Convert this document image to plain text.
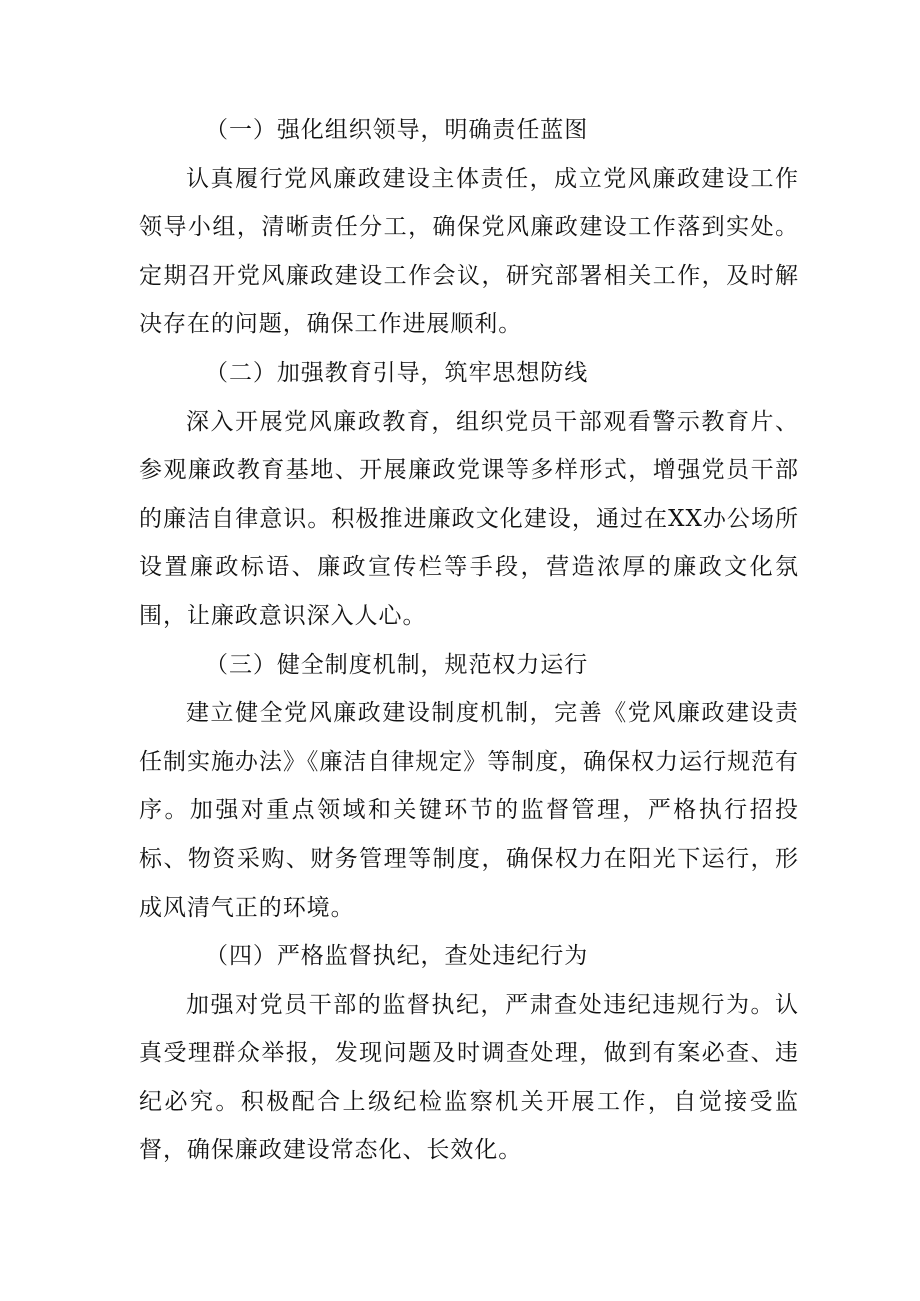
（一）强化组织领导，明确责任蓝图

认真履行党风廉政建设主体责任，成立党风廉政建设工作领导小组，清晰责任分工，确保党风廉政建设工作落到实处。定期召开党风廉政建设工作会议，研究部署相关工作，及时解决存在的问题，确保工作进展顺利。

（二）加强教育引导，筑牢思想防线

深入开展党风廉政教育，组织党员干部观看警示教育片、参观廉政教育基地、开展廉政党课等多样形式，增强党员干部的廉洁自律意识。积极推进廉政文化建设，通过在XX办公场所设置廉政标语、廉政宣传栏等手段，营造浓厚的廉政文化氛围，让廉政意识深入人心。

（三）健全制度机制，规范权力运行

建立健全党风廉政建设制度机制，完善《党风廉政建设责任制实施办法》《廉洁自律规定》等制度，确保权力运行规范有序。加强对重点领域和关键环节的监督管理，严格执行招投标、物资采购、财务管理等制度，确保权力在阳光下运行，形成风清气正的环境。

（四）严格监督执纪，查处违纪行为

加强对党员干部的监督执纪，严肃查处违纪违规行为。认真受理群众举报，发现问题及时调查处理，做到有案必查、违纪必究。积极配合上级纪检监察机关开展工作，自觉接受监督，确保廉政建设常态化、长效化。
